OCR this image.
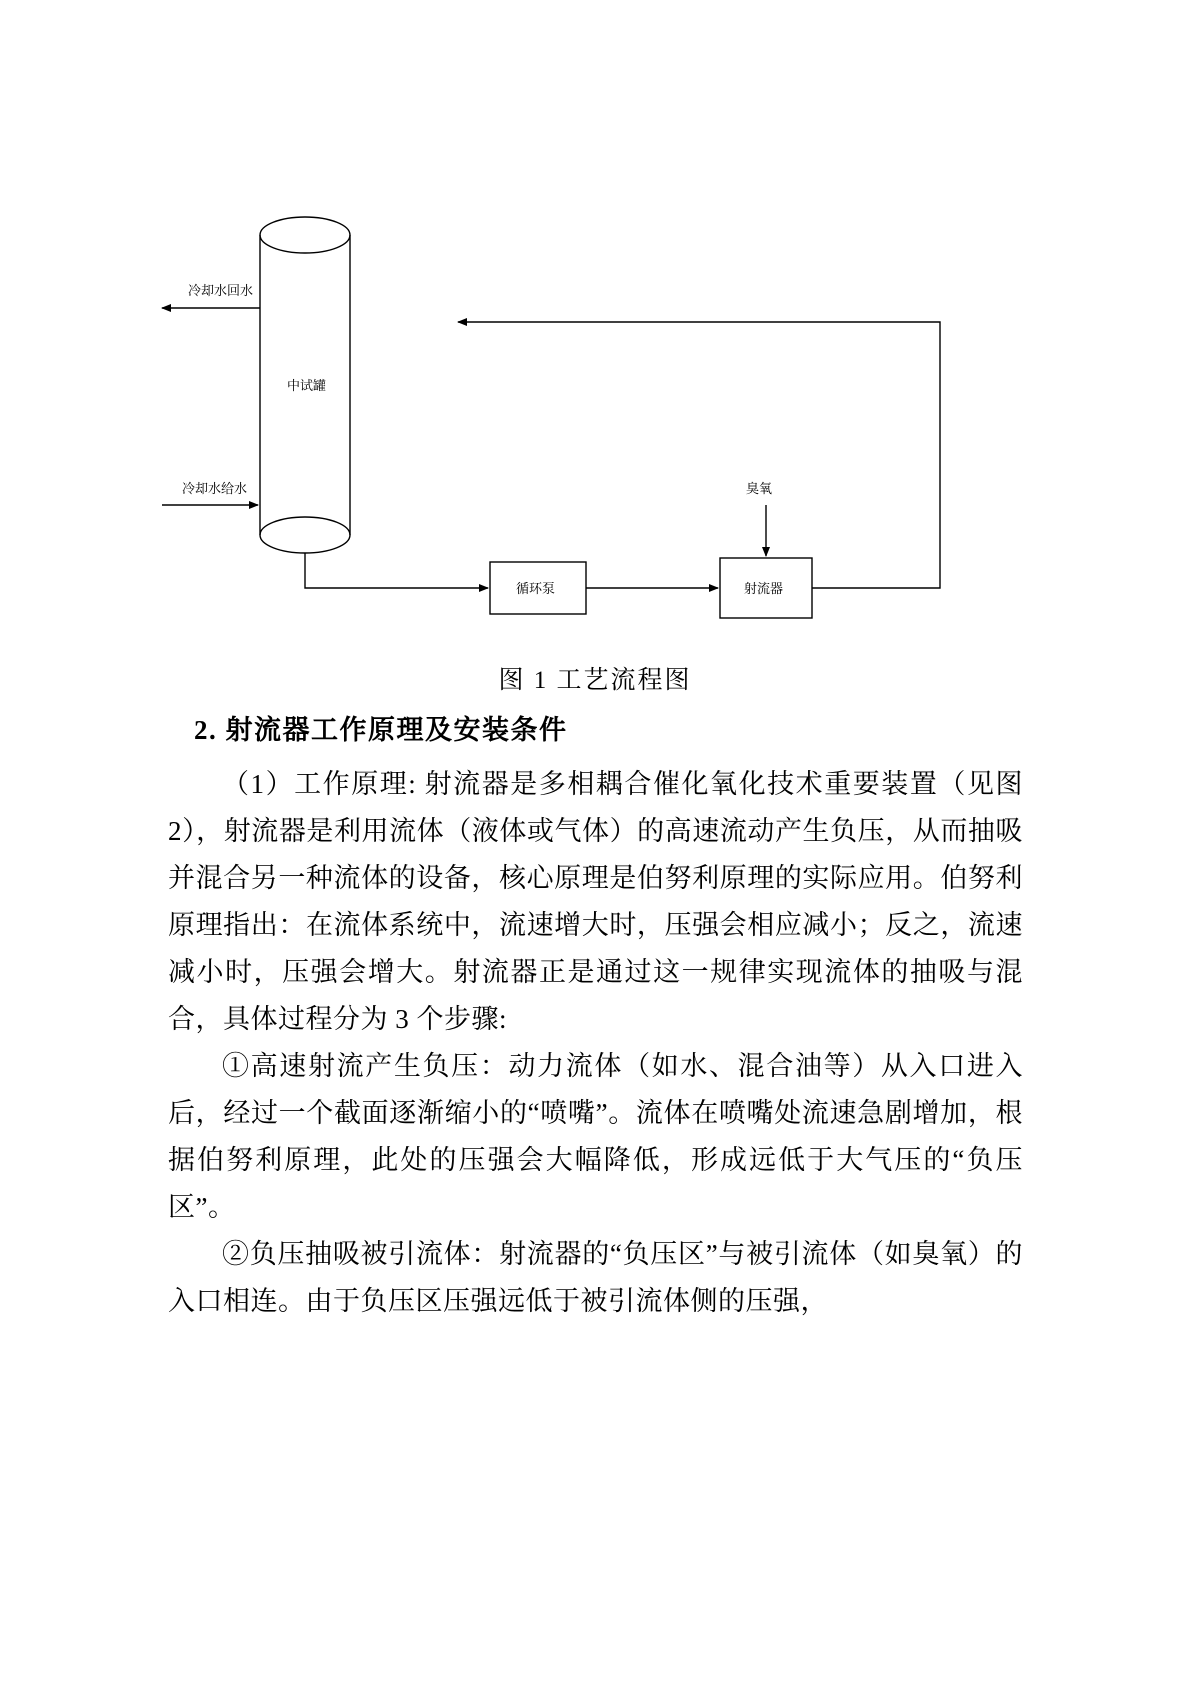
冷却水回水
冷却水给水
中试罐
循环泵	射流器
臭氧
图 1 工艺流程图
2. 射流器工作原理及安装条件

（1）工作原理: 射流器是多相耦合催化氧化技术重要装置（见图 2），射流器是利用流体（液体或气体）的高速流动产生负压，从而抽吸并混合另一种流体的设备，核心原理是伯努利原理的实际应用。伯努利原理指出：在流体系统中，流速增大时，压强会相应减小；反之，流速减小时，压强会增大。射流器正是通过这一规律实现流体的抽吸与混合，具体过程分为 3 个步骤:

①高速射流产生负压：动力流体（如水、混合油等）从入口进入后，经过一个截面逐渐缩小的“喷嘴”。流体在喷嘴处流速急剧增加，根据伯努利原理，此处的压强会大幅降低，形成远低于大气压的“负压区”。

②负压抽吸被引流体：射流器的“负压区”与被引流体（如臭氧）的入口相连。由于负压区压强远低于被引流体侧的压强，
